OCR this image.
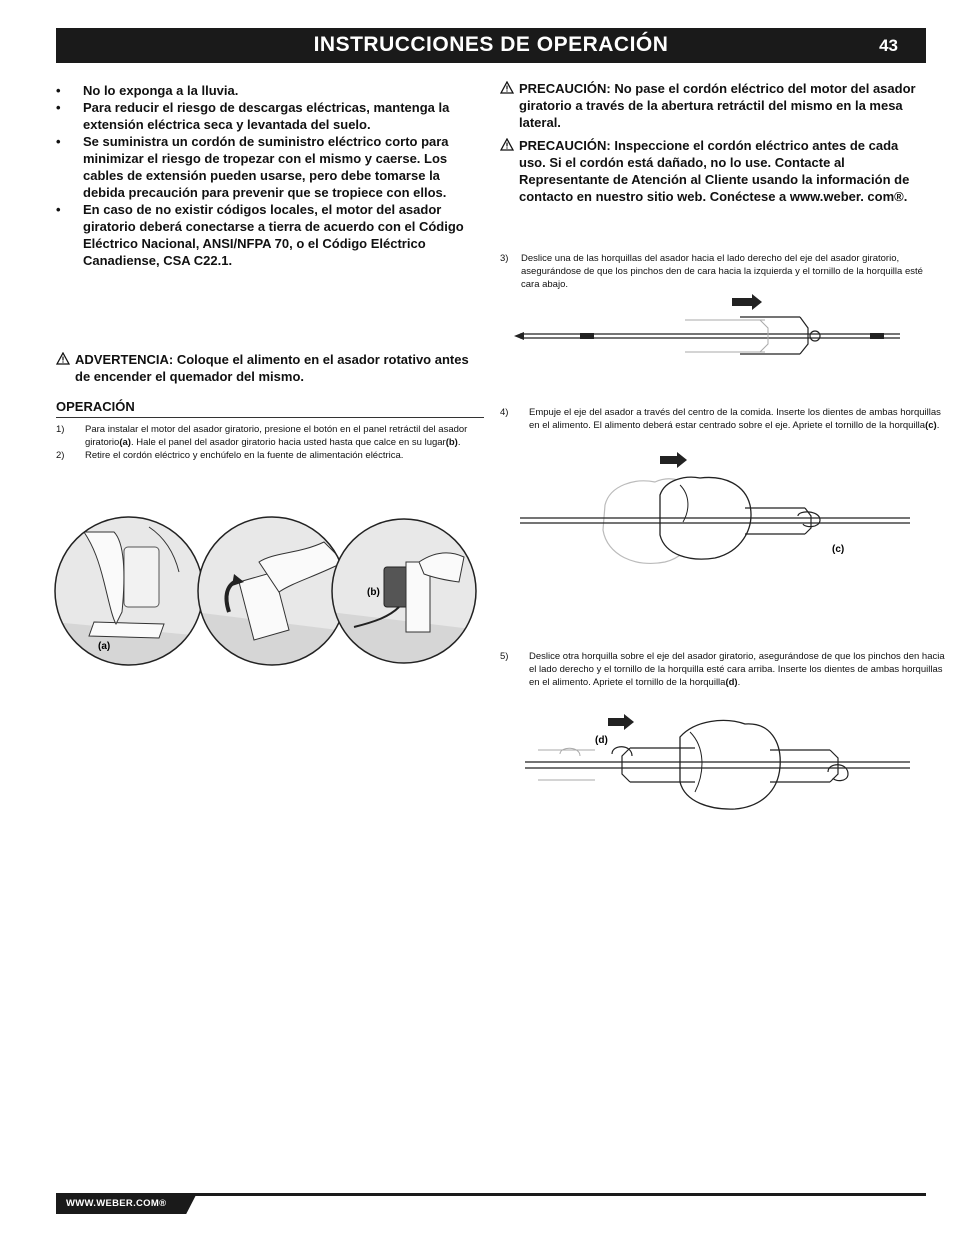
INSTRUCCIONES DE OPERACIÓN	43
• No lo exponga a la lluvia.
• Para reducir el riesgo de descargas eléctricas, mantenga la extensión eléctrica seca y levantada del suelo.
• Se suministra un cordón de suministro eléctrico corto para minimizar el riesgo de tropezar con el mismo y caerse. Los cables de extensión pueden usarse, pero debe tomarse la debida precaución para prevenir que se tropiece con ellos.
• En caso de no existir códigos locales, el motor del asador giratorio deberá conectarse a tierra de acuerdo con el Código Eléctrico Nacional, ANSI/NFPA 70, o el Código Eléctrico Canadiense, CSA C22.1.
ADVERTENCIA: Coloque el alimento en el asador rotativo antes de encender el quemador del mismo.
OPERACIÓN
1) Para instalar el motor del asador giratorio, presione el botón en el panel retráctil del asador giratorio(a). Hale el panel del asador giratorio hacia usted hasta que calce en su lugar(b).
2) Retire el cordón eléctrico y enchúfelo en la fuente de alimentación eléctrica.
(a)
(b)
PRECAUCIÓN: No pase el cordón eléctrico del motor del asador giratorio a través de la abertura retráctil del mismo en la mesa lateral.
PRECAUCIÓN: Inspeccione el cordón eléctrico antes de cada uso. Si el cordón está dañado, no lo use. Contacte al Representante de Atención al Cliente usando la información de contacto en nuestro sitio web. Conéctese a www.weber. com®.
3) Deslice una de las horquillas del asador hacia el lado derecho del eje del asador giratorio, asegurándose de que los pinchos den de cara hacia la izquierda y el tornillo de la horquilla esté cara abajo.
4) Empuje el eje del asador a través del centro de la comida. Inserte los dientes de ambas horquillas en el alimento. El alimento deberá estar centrado sobre el eje. Apriete el tornillo de la horquilla(c).
(c)
5) Deslice otra horquilla sobre el eje del asador giratorio, asegurándose de que los pinchos den hacia el lado derecho y el tornillo de la horquilla esté cara arriba. Inserte los dientes de ambas horquillas en el alimento. Apriete el tornillo de la horquilla(d).
(d)
WWW.WEBER.COM®
